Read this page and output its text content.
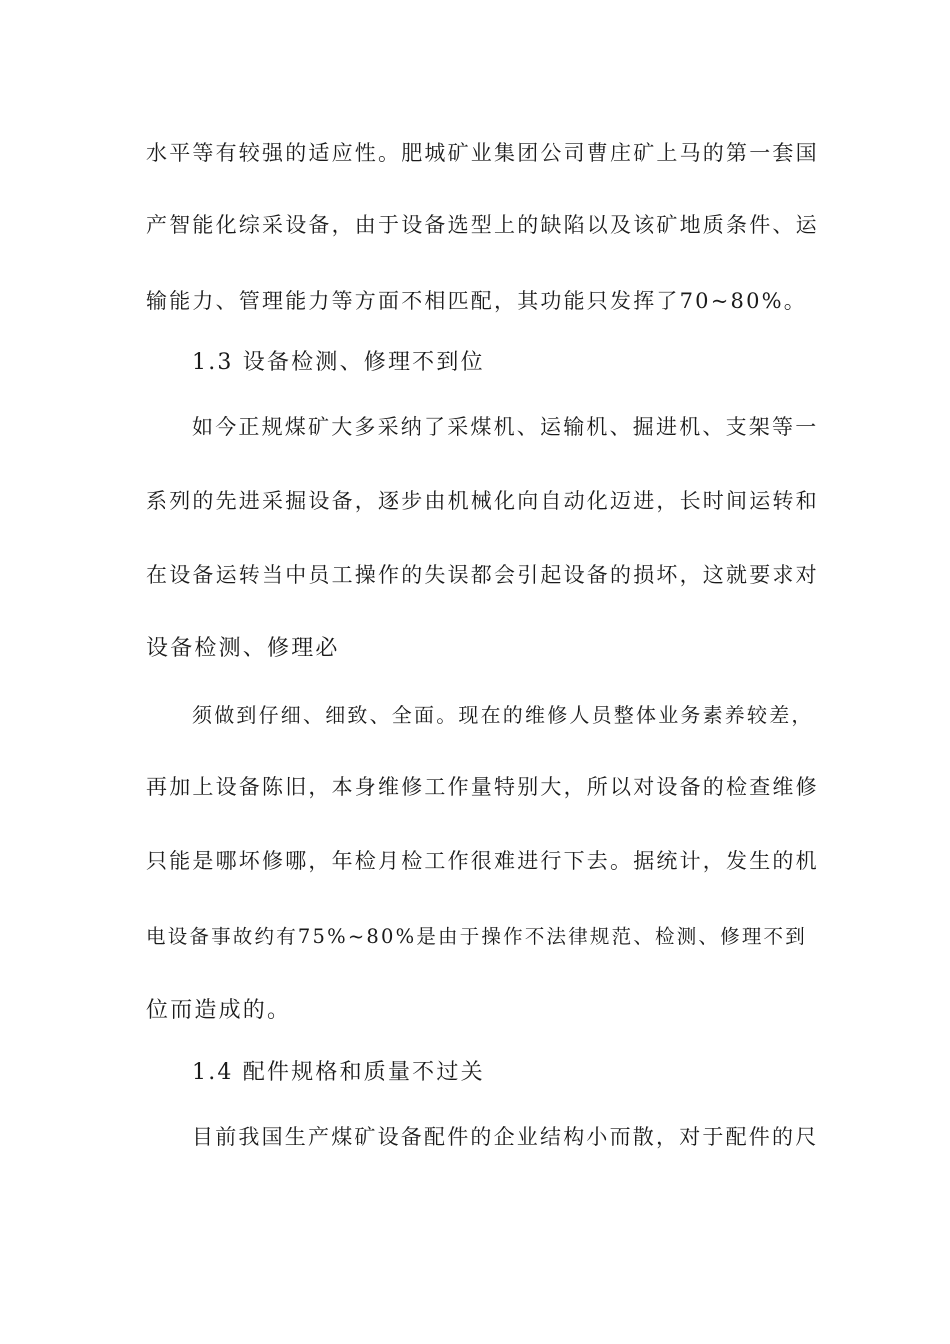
水平等有较强的适应性。肥城矿业集团公司曹庄矿上马的第一套国
产智能化综采设备，由于设备选型上的缺陷以及该矿地质条件、运
输能力、管理能力等方面不相匹配，其功能只发挥了70~80%。
1.3 设备检测、修理不到位
如今正规煤矿大多采纳了采煤机、运输机、掘进机、支架等一
系列的先进采掘设备，逐步由机械化向自动化迈进，长时间运转和
在设备运转当中员工操作的失误都会引起设备的损坏，这就要求对
设备检测、修理必
须做到仔细、细致、全面。现在的维修人员整体业务素养较差，
再加上设备陈旧，本身维修工作量特别大，所以对设备的检查维修
只能是哪坏修哪，年检月检工作很难进行下去。据统计，发生的机
电设备事故约有75%~80%是由于操作不法律规范、检测、修理不到
位而造成的。
1.4 配件规格和质量不过关
目前我国生产煤矿设备配件的企业结构小而散，对于配件的尺
